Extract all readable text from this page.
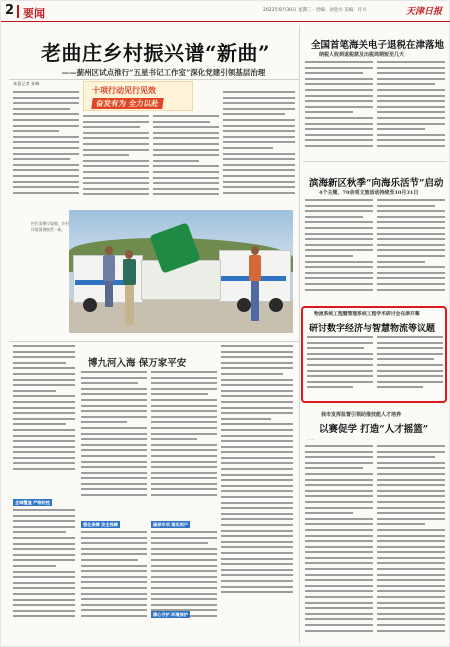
2 要闻	2023年8月30日 星期三 · 责编：刘金川 美编：许方	天津日报
老曲庄乡村振兴谱“新曲”
——蓟州区试点推行“五星书记工作室”深化党建引领基层治理
本报记者 孙峰
十项行动见行见效
奋发有为 全力以赴
村民清理垃圾桶，乡村环境面貌焕然一新。
全域覆盖 严格防控
博九河入海 保万家平安
强化保障 安全保障	确保专项 落实到户
精心守护 环境保护
全国首笔海关电子退税在津落地
纳税人收到退税款及出税周期短至几天
滨海新区秋季“向海乐活节”启动
4个主题、70余项文旅活动持续至10月31日
物流系统工程暨管理系统工程学术研讨会在津开幕
研讨数字经济与智慧物流等议题
我市发挥监督引领助推技能人才培养
以赛促学 打造“人才摇篮”
· · ·
